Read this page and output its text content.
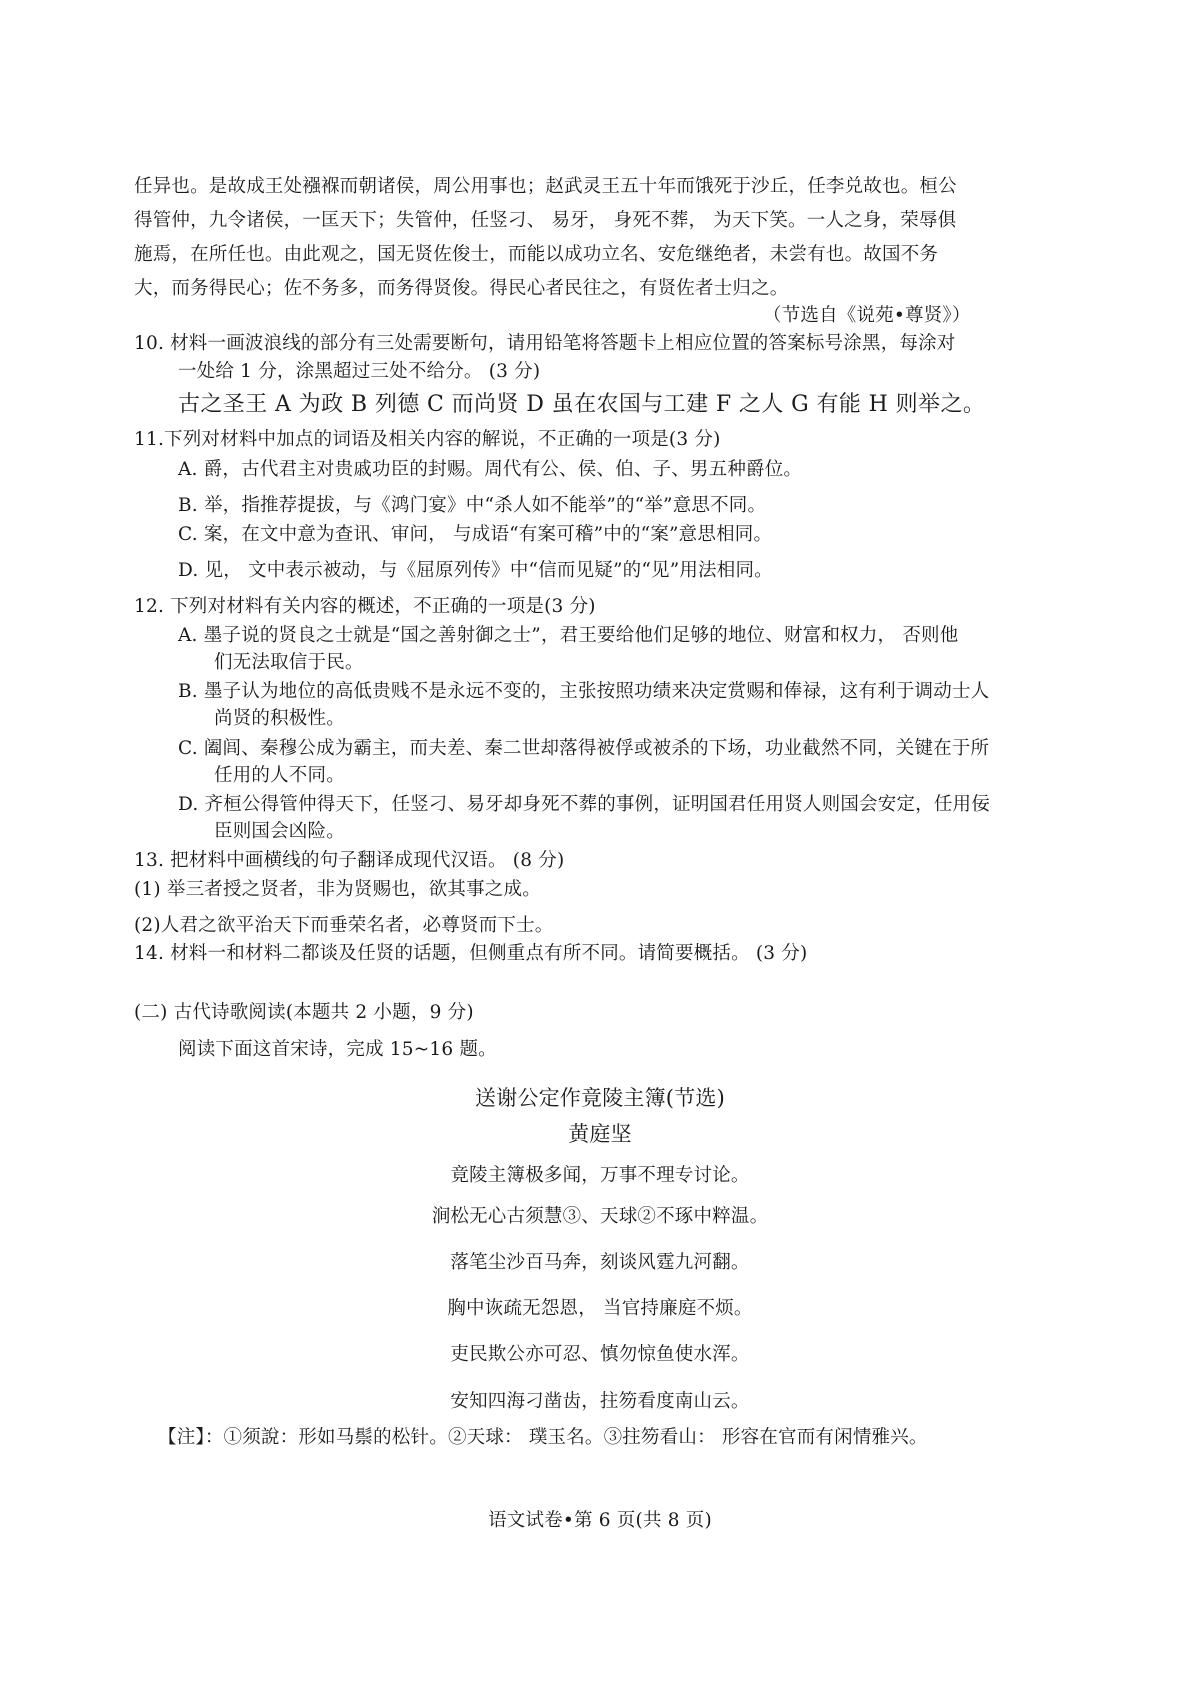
任异也。是故成王处襁褓而朝诸侯，周公用事也；赵武灵王五十年而饿死于沙丘，任李兑故也。桓公
得管仲，九令诸侯，一匡天下；失管仲，任竖刁、 易牙， 身死不葬， 为天下笑。一人之身，荣辱俱
施焉，在所任也。由此观之，国无贤佐俊士，而能以成功立名、安危继绝者，未尝有也。故国不务
大，而务得民心；佐不务多，而务得贤俊。得民心者民往之，有贤佐者士归之。
（节选自《说苑•尊贤》）
10. 材料一画波浪线的部分有三处需要断句，请用铅笔将答题卡上相应位置的答案标号涂黑，每涂对
一处给 1 分，涂黑超过三处不给分。 (3 分)
古之圣王 A 为政 B 列德 C 而尚贤 D 虽在农国与工建 F 之人 G 有能 H 则举之。
11.下列对材料中加点的词语及相关内容的解说，不正确的一项是(3 分)
A. 爵，古代君主对贵戚功臣的封赐。周代有公、侯、伯、子、男五种爵位。
B. 举，指推荐提拔，与《鸿门宴》中“杀人如不能举”的“举”意思不同。
C. 案，在文中意为查讯、审问， 与成语“有案可稽”中的“案”意思相同。
D. 见， 文中表示被动，与《屈原列传》中“信而见疑”的“见”用法相同。
12. 下列对材料有关内容的概述，不正确的一项是(3 分)
A. 墨子说的贤良之士就是“国之善射御之士”，君王要给他们足够的地位、财富和权力， 否则他
们无法取信于民。
B. 墨子认为地位的高低贵贱不是永远不变的，主张按照功绩来决定赏赐和俸禄，这有利于调动士人
尚贤的积极性。
C. 阖闾、秦穆公成为霸主，而夫差、秦二世却落得被俘或被杀的下场，功业截然不同，关键在于所
任用的人不同。
D. 齐桓公得管仲得天下，任竖刁、易牙却身死不葬的事例，证明国君任用贤人则国会安定，任用佞
臣则国会凶险。
13. 把材料中画横线的句子翻译成现代汉语。 (8 分)
(1) 举三者授之贤者，非为贤赐也，欲其事之成。
(2)人君之欲平治天下而垂荣名者，必尊贤而下士。
14. 材料一和材料二都谈及任贤的话题，但侧重点有所不同。请简要概括。 (3 分)
(二) 古代诗歌阅读(本题共 2 小题，9 分)
阅读下面这首宋诗，完成 15~16 题。
送谢公定作竟陵主簿(节选)
黄庭坚
竟陵主簿极多闻，万事不理专讨论。
涧松无心古须慧③、天球②不琢中粹温。
落笔尘沙百马奔，刻谈风霆九河翻。
胸中诙疏无怨恩， 当官持廉庭不烦。
吏民欺公亦可忍、慎勿惊鱼使水浑。
安知四海刁凿齿，拄笏看度南山云。
【注】：①须說：形如马鬃的松针。②天球： 璞玉名。③拄笏看山： 形容在官而有闲情雅兴。
语文试卷•第 6 页(共 8 页)
